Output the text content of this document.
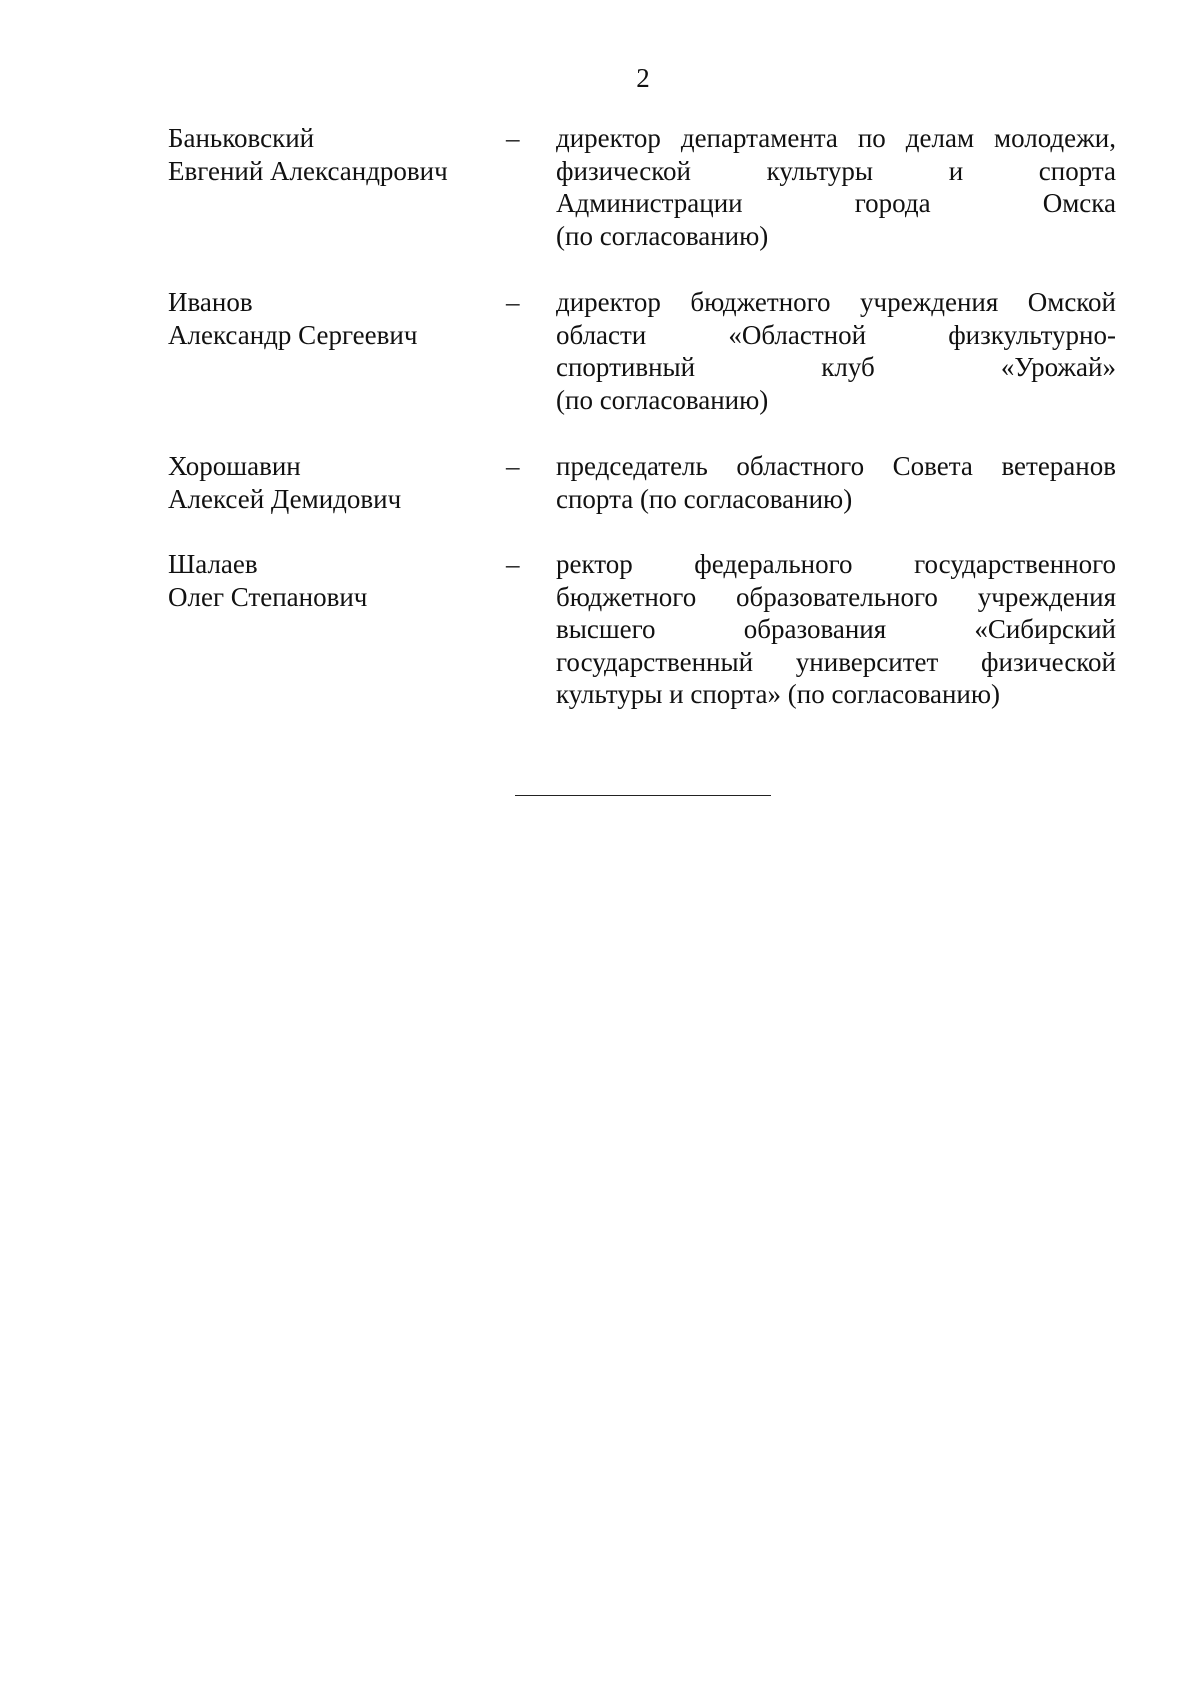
2
Баньковский
Евгений Александрович
– директор департамента по делам молодежи,
физической культуры и спорта
Администрации города Омска
(по согласованию)
Иванов
Александр Сергеевич
– директор бюджетного учреждения Омской
области «Областной физкультурно-
спортивный клуб «Урожай»
(по согласованию)
Хорошавин
Алексей Демидович
– председатель областного Совета ветеранов
спорта (по согласованию)
Шалаев
Олег Степанович
– ректор федерального государственного
бюджетного образовательного учреждения
высшего образования «Сибирский
государственный университет физической
культуры и спорта» (по согласованию)
